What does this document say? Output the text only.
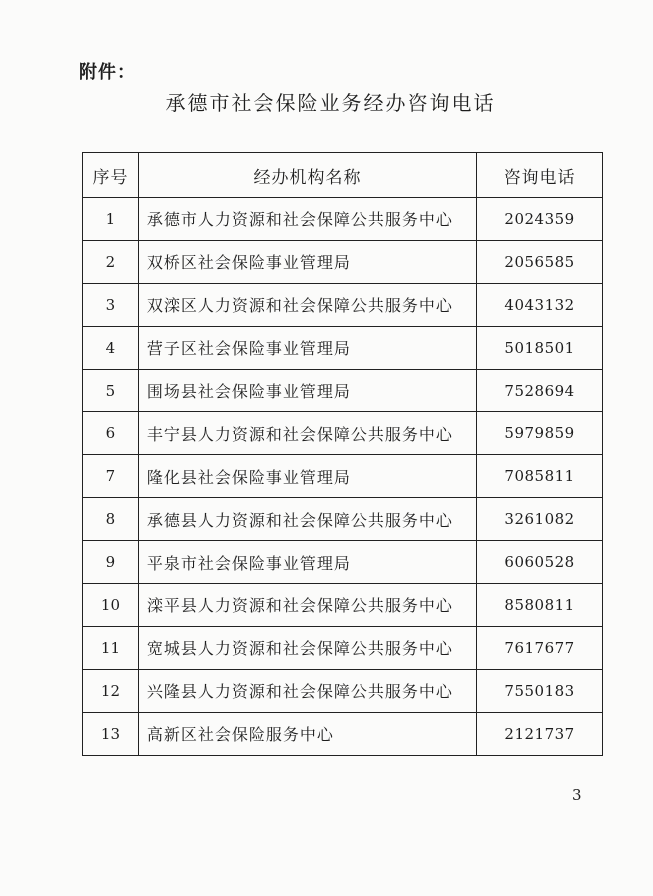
附件：
承德市社会保险业务经办咨询电话
序号	经办机构名称	咨询电话
1	承德市人力资源和社会保障公共服务中心	2024359
2	双桥区社会保险事业管理局	2056585
3	双滦区人力资源和社会保障公共服务中心	4043132
4	营子区社会保险事业管理局	5018501
5	围场县社会保险事业管理局	7528694
6	丰宁县人力资源和社会保障公共服务中心	5979859
7	隆化县社会保险事业管理局	7085811
8	承德县人力资源和社会保障公共服务中心	3261082
9	平泉市社会保险事业管理局	6060528
10	滦平县人力资源和社会保障公共服务中心	8580811
11	宽城县人力资源和社会保障公共服务中心	7617677
12	兴隆县人力资源和社会保障公共服务中心	7550183
13	高新区社会保险服务中心	2121737
3
